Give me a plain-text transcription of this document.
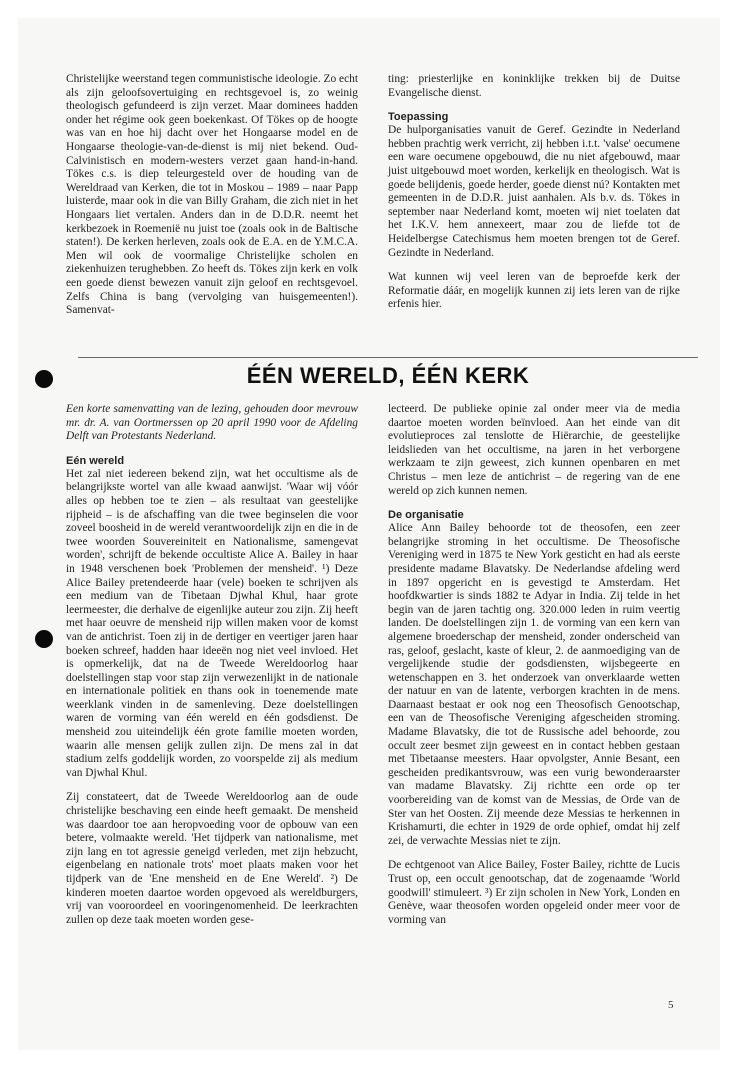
Christelijke weerstand tegen communistische ideologie. Zo echt als zijn geloofsovertuiging en rechtsgevoel is, zo weinig theologisch gefundeerd is zijn verzet. Maar dominees hadden onder het régime ook geen boekenkast. Of Tökes op de hoogte was van en hoe hij dacht over het Hongaarse model en de Hongaarse theologie-van-de-dienst is mij niet bekend. Oud-Calvinistisch en modern-westers verzet gaan hand-in-hand. Tökes c.s. is diep teleurgesteld over de houding van de Wereldraad van Kerken, die tot in Moskou – 1989 – naar Papp luisterde, maar ook in die van Billy Graham, die zich niet in het Hongaars liet vertalen. Anders dan in de D.D.R. neemt het kerkbezoek in Roemenië nu juist toe (zoals ook in de Baltische staten!). De kerken herleven, zoals ook de E.A. en de Y.M.C.A. Men wil ook de voormalige Christelijke scholen en ziekenhuizen terughebben. Zo heeft ds. Tökes zijn kerk en volk een goede dienst bewezen vanuit zijn geloof en rechtsgevoel. Zelfs China is bang (vervolging van huisgemeenten!). Samenvat-

ting: priesterlijke en koninklijke trekken bij de Duitse Evangelische dienst.

Toepassing

De hulporganisaties vanuit de Geref. Gezindte in Nederland hebben prachtig werk verricht, zij hebben i.t.t. 'valse' oecumene een ware oecumene opgebouwd, die nu niet afgebouwd, maar juist uitgebouwd moet worden, kerkelijk en theologisch. Wat is goede belijdenis, goede herder, goede dienst nú? Kontakten met gemeenten in de D.D.R. juist aanhalen. Als b.v. ds. Tökes in september naar Nederland komt, moeten wij niet toelaten dat het I.K.V. hem annexeert, maar zou de liefde tot de Heidelbergse Catechismus hem moeten brengen tot de Geref. Gezindte in Nederland.

Wat kunnen wij veel leren van de beproefde kerk der Reformatie dáár, en mogelijk kunnen zij iets leren van de rijke erfenis hier.

ÉÉN WERELD, ÉÉN KERK

Een korte samenvatting van de lezing, gehouden door mevrouw mr. dr. A. van Oortmerssen op 20 april 1990 voor de Afdeling Delft van Protestants Nederland.

Eén wereld

Het zal niet iedereen bekend zijn, wat het occultisme als de belangrijkste wortel van alle kwaad aanwijst. 'Waar wij vóór alles op hebben toe te zien – als resultaat van geestelijke rijpheid – is de afschaffing van die twee beginselen die voor zoveel boosheid in de wereld verantwoordelijk zijn en die in de twee woorden Souvereiniteit en Nationalisme, samengevat worden', schrijft de bekende occultiste Alice A. Bailey in haar in 1948 verschenen boek 'Problemen der mensheid'. ¹) Deze Alice Bailey pretendeerde haar (vele) boeken te schrijven als een medium van de Tibetaan Djwhal Khul, haar grote leermeester, die derhalve de eigenlijke auteur zou zijn. Zij heeft met haar oeuvre de mensheid rijp willen maken voor de komst van de antichrist. Toen zij in de dertiger en veertiger jaren haar boeken schreef, hadden haar ideeën nog niet veel invloed. Het is opmerkelijk, dat na de Tweede Wereldoorlog haar doelstellingen stap voor stap zijn verwezenlijkt in de nationale en internationale politiek en thans ook in toenemende mate weerklank vinden in de samenleving. Deze doelstellingen waren de vorming van één wereld en één godsdienst. De mensheid zou uiteindelijk één grote familie moeten worden, waarin alle mensen gelijk zullen zijn. De mens zal in dat stadium zelfs goddelijk worden, zo voorspelde zij als medium van Djwhal Khul.

Zij constateert, dat de Tweede Wereldoorlog aan de oude christelijke beschaving een einde heeft gemaakt. De mensheid was daardoor toe aan heropvoeding voor de opbouw van een betere, volmaakte wereld. 'Het tijdperk van nationalisme, met zijn lang en tot agressie geneigd verleden, met zijn hebzucht, eigenbelang en nationale trots' moet plaats maken voor het tijdperk van de 'Ene mensheid en de Ene Wereld'. ²) De kinderen moeten daartoe worden opgevoed als wereldburgers, vrij van vooroordeel en vooringenomenheid. De leerkrachten zullen op deze taak moeten worden gese-

lecteerd. De publieke opinie zal onder meer via de media daartoe moeten worden beïnvloed. Aan het einde van dit evolutieproces zal tenslotte de Hiërarchie, de geestelijke leidslieden van het occultisme, na jaren in het verborgene werkzaam te zijn geweest, zich kunnen openbaren en met Christus – men leze de antichrist – de regering van de ene wereld op zich kunnen nemen.

De organisatie

Alice Ann Bailey behoorde tot de theosofen, een zeer belangrijke stroming in het occultisme. De Theosofische Vereniging werd in 1875 te New York gesticht en had als eerste presidente madame Blavatsky. De Nederlandse afdeling werd in 1897 opgericht en is gevestigd te Amsterdam. Het hoofdkwartier is sinds 1882 te Adyar in India. Zij telde in het begin van de jaren tachtig ong. 320.000 leden in ruim veertig landen. De doelstellingen zijn 1. de vorming van een kern van algemene broederschap der mensheid, zonder onderscheid van ras, geloof, geslacht, kaste of kleur, 2. de aanmoediging van de vergelijkende studie der godsdiensten, wijsbegeerte en wetenschappen en 3. het onderzoek van onverklaarde wetten der natuur en van de latente, verborgen krachten in de mens. Daarnaast bestaat er ook nog een Theosofisch Genootschap, een van de Theosofische Vereniging afgescheiden stroming. Madame Blavatsky, die tot de Russische adel behoorde, zou occult zeer besmet zijn geweest en in contact hebben gestaan met Tibetaanse meesters. Haar opvolgster, Annie Besant, een gescheiden predikantsvrouw, was een vurig bewonderaarster van madame Blavatsky. Zij richtte een orde op ter voorbereiding van de komst van de Messias, de Orde van de Ster van het Oosten. Zij meende deze Messias te herkennen in Krishamurti, die echter in 1929 de orde ophief, omdat hij zelf zei, de verwachte Messias niet te zijn.

De echtgenoot van Alice Bailey, Foster Bailey, richtte de Lucis Trust op, een occult genootschap, dat de zogenaamde 'World goodwill' stimuleert. ³) Er zijn scholen in New York, Londen en Genève, waar theosofen worden opgeleid onder meer voor de vorming van

5
